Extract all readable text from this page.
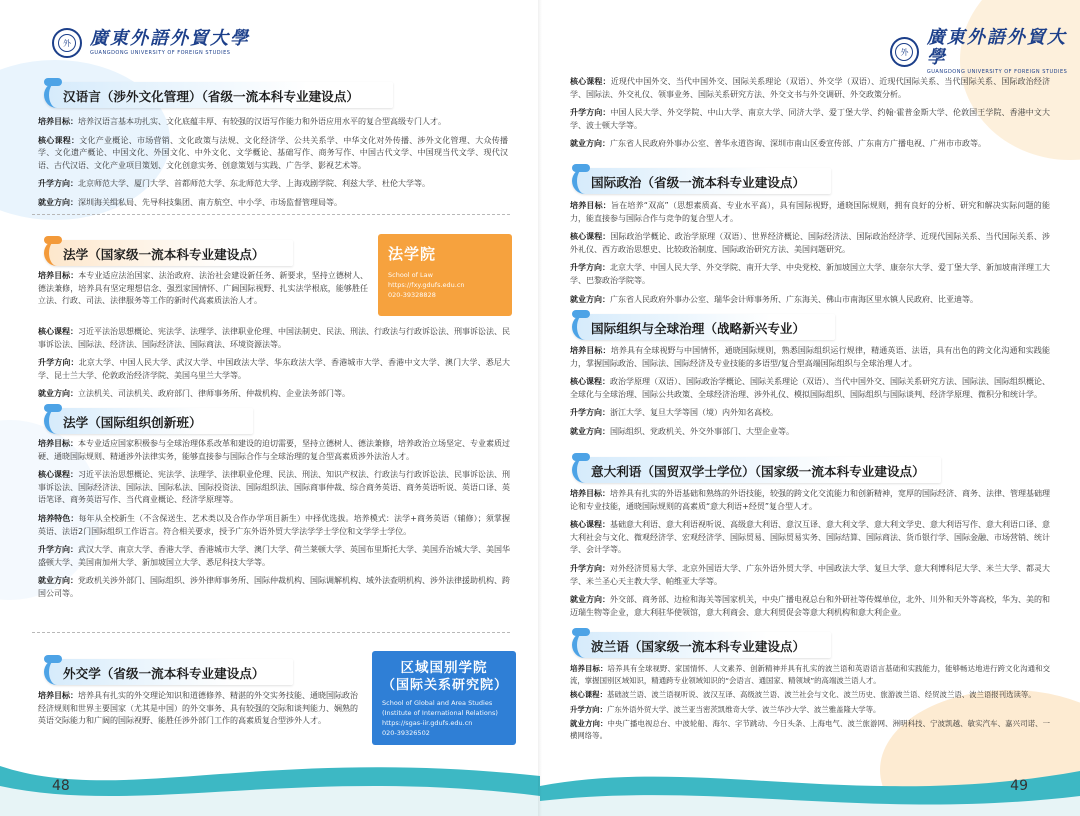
外 廣東外語外貿大學
GUANGDONG UNIVERSITY OF FOREIGN STUDIES
汉语言（涉外文化管理）（省级一流本科专业建设点）

培养目标：培养汉语言基本功扎实、文化底蕴丰厚、有较强的汉语写作能力和外语应用水平的复合型高级专门人才。

核心课程：文化产业概论、市场营销、文化政策与法规、文化经济学、公共关系学、中华文化对外传播、涉外文化管理、大众传播学、文化遗产概论、中国文化、外国文化、中外文化、文学概论、基础写作、商务写作、中国古代文学、中国现当代文学、现代汉语、古代汉语、文化产业项目策划、文化创意实务、创意策划与实践、广告学、影视艺术等。

升学方向：北京师范大学、厦门大学、首都师范大学、东北师范大学、上海戏剧学院、利兹大学、杜伦大学等。

就业方向：深圳海关缉私局、先导科技集团、南方航空、中小学、市场监督管理局等。

法学（国家级一流本科专业建设点）	法学院
School of Law
https://fxy.gdufs.edu.cn
020-39328828

培养目标：本专业适应法治国家、法治政府、法治社会建设新任务、新要求，坚持立德树人、德法兼修，培养具有坚定理想信念、强烈家国情怀、广阔国际视野、扎实法学根底，能够胜任立法、行政、司法、法律服务等工作的新时代高素质法治人才。

核心课程：习近平法治思想概论、宪法学、法理学、法律职业伦理、中国法制史、民法、刑法、行政法与行政诉讼法、刑事诉讼法、民事诉讼法、国际法、经济法、国际经济法、国际商法、环境资源法等。

升学方向：北京大学、中国人民大学、武汉大学、中国政法大学、华东政法大学、香港城市大学、香港中文大学、澳门大学、悉尼大学、昆士兰大学、伦敦政治经济学院、美国乌里兰大学等。

就业方向：立法机关、司法机关、政府部门、律师事务所、仲裁机构、企业法务部门等。

法学（国际组织创新班）

培养目标：本专业适应国家积极参与全球治理体系改革和建设的迫切需要，坚持立德树人、德法兼修，培养政治立场坚定、专业素质过硬、通晓国际规则、精通涉外法律实务，能够直接参与国际合作与全球治理的复合型高素质涉外法治人才。

核心课程：习近平法治思想概论、宪法学、法理学、法律职业伦理、民法、刑法、知识产权法、行政法与行政诉讼法、民事诉讼法、刑事诉讼法、国际经济法、国际法、国际私法、国际投资法、国际组织法、国际商事仲裁、综合商务英语、商务英语听说、英语口译、英语笔译、商务英语写作、当代商业概论、经济学原理等。

培养特色：每年从全校新生（不含保送生、艺术类以及合作办学项目新生）中择优选拔。培养模式：法学+商务英语（辅修）；须掌握英语、法语2门国际组织工作语言。符合相关要求，授予广东外语外贸大学法学学士学位和文学学士学位。

升学方向：武汉大学、南京大学、香港大学、香港城市大学、澳门大学、荷兰莱顿大学、英国布里斯托大学、美国乔治城大学、美国华盛顿大学、美国南加州大学、新加坡国立大学、悉尼科技大学等。

就业方向：党政机关涉外部门、国际组织、涉外律师事务所、国际仲裁机构、国际调解机构、域外法查明机构、涉外法律援助机构、跨国公司等。

外交学（省级一流本科专业建设点）

培养目标：培养具有扎实的外交理论知识和道德修养、精湛的外交实务技能、通晓国际政治经济规则和世界主要国家（尤其是中国）的外交事务、具有较强的交际和谈判能力、娴熟的英语交际能力和广阔的国际视野、能胜任涉外部门工作的高素质复合型涉外人才。

区域国别学院
（国际关系研究院）
School of Global and Area Studies
(Institute of International Relations)
https://sgas-iir.gdufs.edu.cn
020-39326502
48
外
廣東外語外貿大學
GUANGDONG UNIVERSITY OF FOREIGN STUDIES

核心课程：近现代中国外交、当代中国外交、国际关系理论（双语）、外交学（双语）、近现代国际关系、当代国际关系、国际政治经济学、国际法、外交礼仪、领事业务、国际关系研究方法、外交文书与外交调研、外交政策分析。

升学方向：中国人民大学、外交学院、中山大学、南京大学、同济大学、爱丁堡大学、约翰·霍普金斯大学、伦敦国王学院、香港中文大学、波士顿大学等。

就业方向：广东省人民政府外事办公室、普华永道咨询、深圳市南山区委宣传部、广东南方广播电视、广州市市政等。

国际政治（省级一流本科专业建设点）

培养目标：旨在培养“双高”（思想素质高、专业水平高），具有国际视野，通晓国际规则，拥有良好的分析、研究和解决实际问题的能力，能直接参与国际合作与竞争的复合型人才。

核心课程：国际政治学概论、政治学原理（双语）、世界经济概论、国际经济法、国际政治经济学、近现代国际关系、当代国际关系、涉外礼仪、西方政治思想史、比较政治制度、国际政治研究方法、美国问题研究。

升学方向：北京大学、中国人民大学、外交学院、南开大学、中央党校、新加坡国立大学、康奈尔大学、爱丁堡大学、新加坡南洋理工大学、巴黎政治学院等。

就业方向：广东省人民政府外事办公室、瑞华会计师事务所、广东海关、佛山市南海区里水镇人民政府、比亚迪等。

国际组织与全球治理（战略新兴专业）

培养目标：培养具有全球视野与中国情怀，通晓国际规则，熟悉国际组织运行规律，精通英语、法语，具有出色的跨文化沟通和实践能力，掌握国际政治、国际法、国际经济及专业技能的多语型/复合型高端国际组织与全球治理人才。

核心课程：政治学原理（双语）、国际政治学概论、国际关系理论（双语）、当代中国外交、国际关系研究方法、国际法、国际组织概论、全球化与全球治理、国际公共政策、全球经济治理、涉外礼仪、模拟国际组织、国际组织与国际谈判、经济学原理、微积分和统计学。

升学方向：浙江大学、复旦大学等国（境）内外知名高校。

就业方向：国际组织、党政机关、外交外事部门、大型企业等。

意大利语（国贸双学士学位）（国家级一流本科专业建设点）

培养目标：培养具有扎实的外语基础和熟练的外语技能，较强的跨文化交流能力和创新精神，宽厚的国际经济、商务、法律、管理基础理论和专业技能，通晓国际规则的高素质“意大利语+经贸”复合型人才。

核心课程：基础意大利语、意大利语视听说、高级意大利语、意汉互译、意大利文学、意大利文学史、意大利语写作、意大利语口译、意大利社会与文化、微观经济学、宏观经济学、国际贸易、国际贸易实务、国际结算、国际商法、货币银行学、国际金融、市场营销、统计学、会计学等。

升学方向：对外经济贸易大学、北京外国语大学、广东外语外贸大学、中国政法大学、复旦大学、意大利博科尼大学、米兰大学、都灵大学、米兰圣心天主教大学、帕维亚大学等。

就业方向：外交部、商务部、边检和海关等国家机关，中央广播电视总台和外研社等传媒单位，北外、川外和天外等高校，华为、美的和迈瑞生物等企业，意大利驻华使领馆，意大利商会、意大利贸促会等意大利机构和意大利企业。

波兰语（国家级一流本科专业建设点）

培养目标：培养具有全球视野、家国情怀、人文素养、创新精神并具有扎实的波兰语和英语语言基础和实践能力，能够畅达地进行跨文化沟通和交流，掌握国别区域知识，精通跨专业领域知识的“会语言、通国家、精领域”的高端波兰语人才。

核心课程：基础波兰语、波兰语视听说、波汉互译、高级波兰语、波兰社会与文化、波兰历史、旅游波兰语、经贸波兰语、波兰语报刊选读等。

升学方向：广东外语外贸大学、波兰亚当密茨凯维奇大学、波兰华沙大学、波兰雅盖隆大学等。

就业方向：中央广播电视总台、中波轮船、海尔、字节跳动、今日头条、上海电气、波兰旅游网、洲明科技、宁波凯越、敏实汽车、嘉兴司诺、一横网络等。

49
